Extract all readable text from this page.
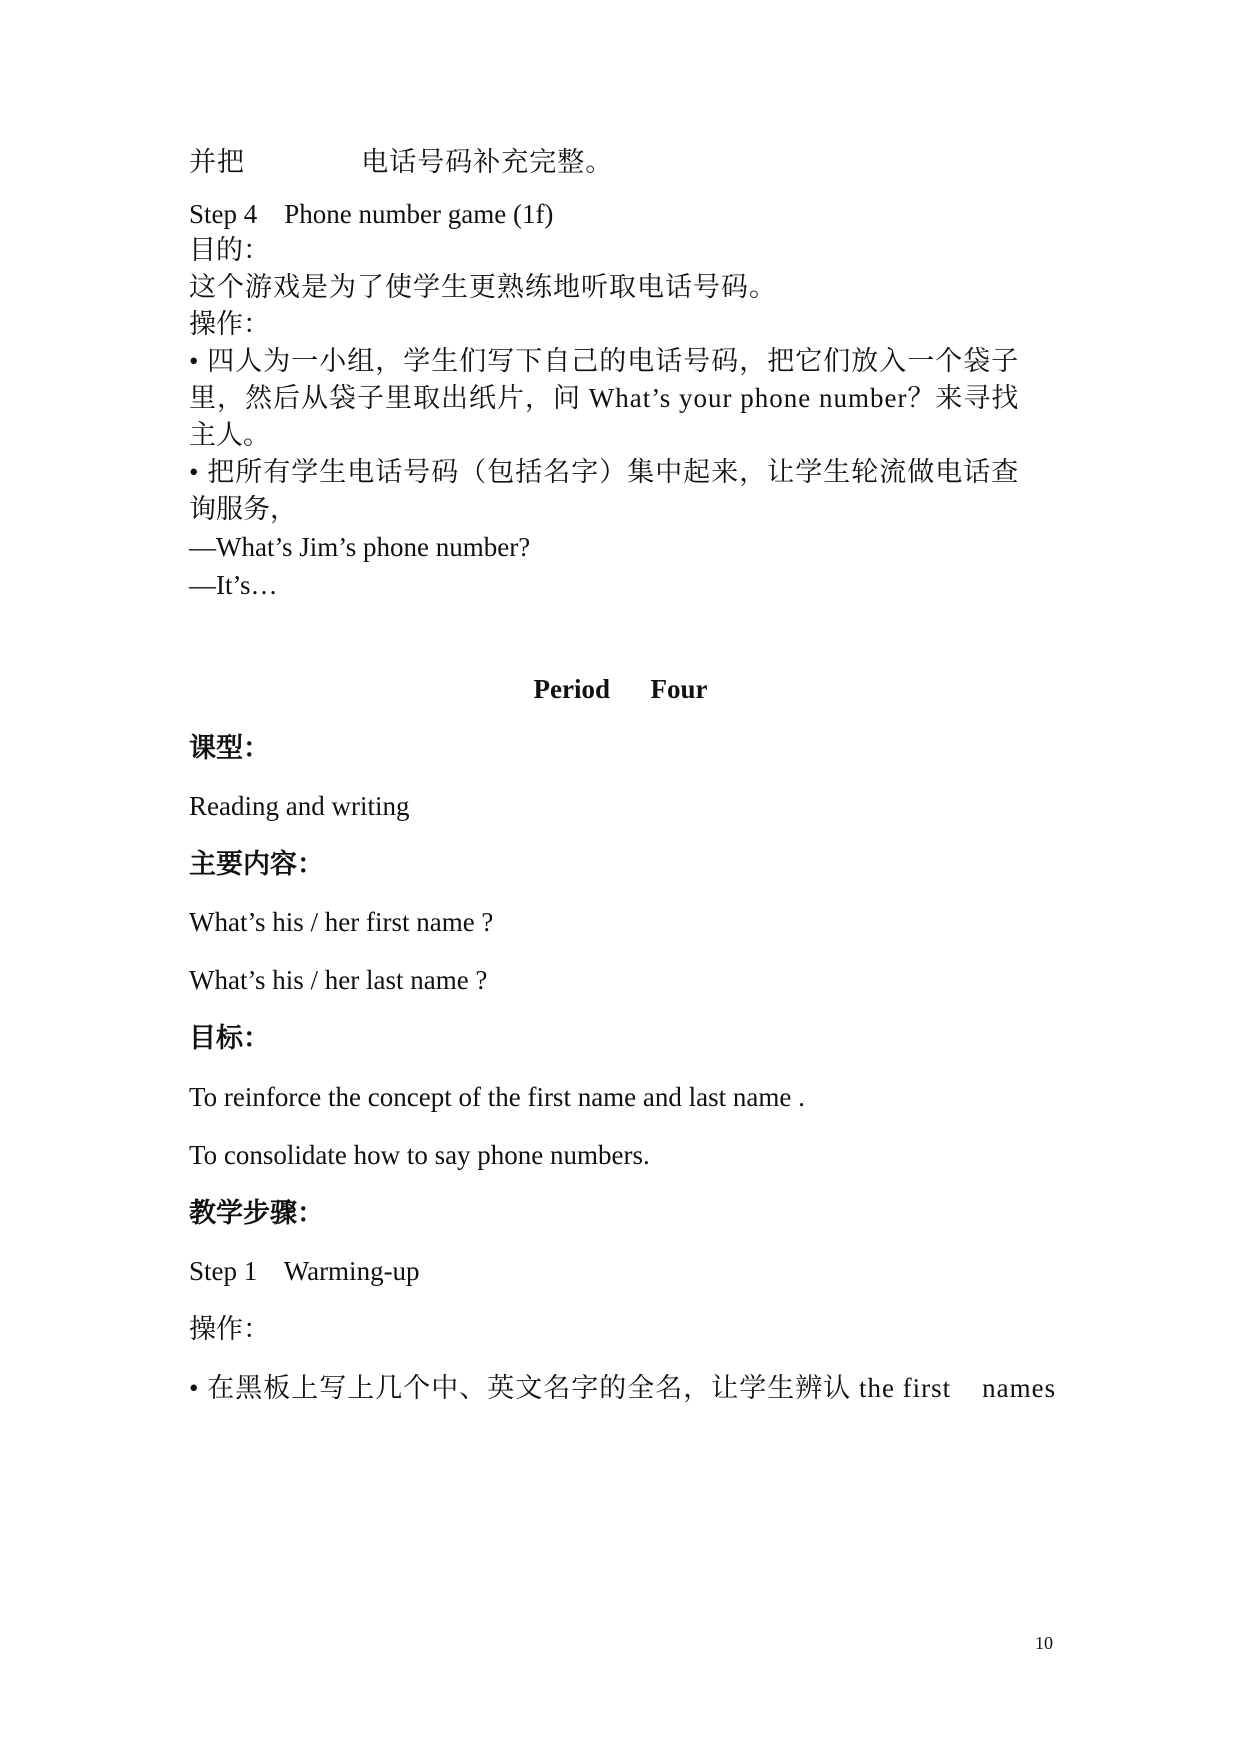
并把               电话号码补充完整。
Step 4    Phone number game (1f)
目的：
这个游戏是为了使学生更熟练地听取电话号码。
操作：
• 四人为一小组，学生们写下自己的电话号码，把它们放入一个袋子
里，然后从袋子里取出纸片，问 What’s your phone number？来寻找
主人。
• 把所有学生电话号码（包括名字）集中起来，让学生轮流做电话查
询服务，
—What’s Jim’s phone number?
—It’s…
Period      Four
课型：
Reading and writing
主要内容：
What’s his / her first name ?
What’s his / her last name ?
目标：
To reinforce the concept of the first name and last name .
To consolidate how to say phone numbers.
教学步骤：
Step 1    Warming-up
操作：
• 在黑板上写上几个中、英文名字的全名，让学生辨认 the first    names
10
